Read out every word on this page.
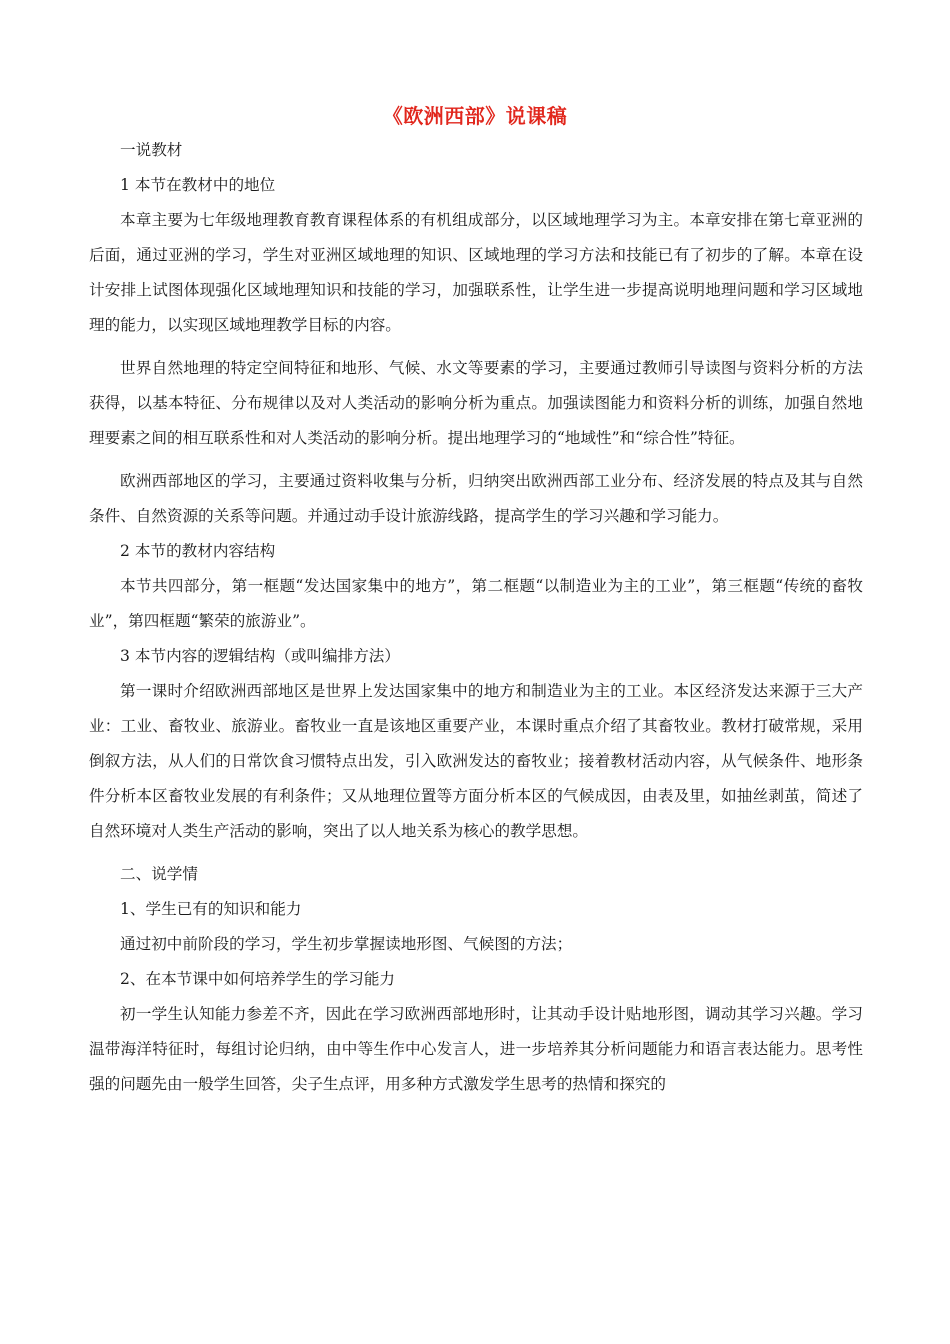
《欧洲西部》说课稿

一说教材

1 本节在教材中的地位

本章主要为七年级地理教育教育课程体系的有机组成部分，以区域地理学习为主。本章安排在第七章亚洲的后面，通过亚洲的学习，学生对亚洲区域地理的知识、区域地理的学习方法和技能已有了初步的了解。本章在设计安排上试图体现强化区域地理知识和技能的学习，加强联系性，让学生进一步提高说明地理问题和学习区域地理的能力，以实现区域地理教学目标的内容。

世界自然地理的特定空间特征和地形、气候、水文等要素的学习，主要通过教师引导读图与资料分析的方法获得，以基本特征、分布规律以及对人类活动的影响分析为重点。加强读图能力和资料分析的训练，加强自然地理要素之间的相互联系性和对人类活动的影响分析。提出地理学习的“地域性”和“综合性”特征。

欧洲西部地区的学习，主要通过资料收集与分析，归纳突出欧洲西部工业分布、经济发展的特点及其与自然条件、自然资源的关系等问题。并通过动手设计旅游线路，提高学生的学习兴趣和学习能力。

2 本节的教材内容结构

本节共四部分，第一框题“发达国家集中的地方”，第二框题“以制造业为主的工业”，第三框题“传统的畜牧业”，第四框题“繁荣的旅游业”。

3 本节内容的逻辑结构（或叫编排方法）

第一课时介绍欧洲西部地区是世界上发达国家集中的地方和制造业为主的工业。本区经济发达来源于三大产业：工业、畜牧业、旅游业。畜牧业一直是该地区重要产业，本课时重点介绍了其畜牧业。教材打破常规，采用倒叙方法，从人们的日常饮食习惯特点出发，引入欧洲发达的畜牧业；接着教材活动内容，从气候条件、地形条件分析本区畜牧业发展的有利条件；又从地理位置等方面分析本区的气候成因，由表及里，如抽丝剥茧，简述了自然环境对人类生产活动的影响，突出了以人地关系为核心的教学思想。

二、说学情

1、学生已有的知识和能力

通过初中前阶段的学习，学生初步掌握读地形图、气候图的方法；

2、在本节课中如何培养学生的学习能力

初一学生认知能力参差不齐，因此在学习欧洲西部地形时，让其动手设计贴地形图，调动其学习兴趣。学习温带海洋特征时，每组讨论归纳，由中等生作中心发言人，进一步培养其分析问题能力和语言表达能力。思考性强的问题先由一般学生回答，尖子生点评，用多种方式激发学生思考的热情和探究的
